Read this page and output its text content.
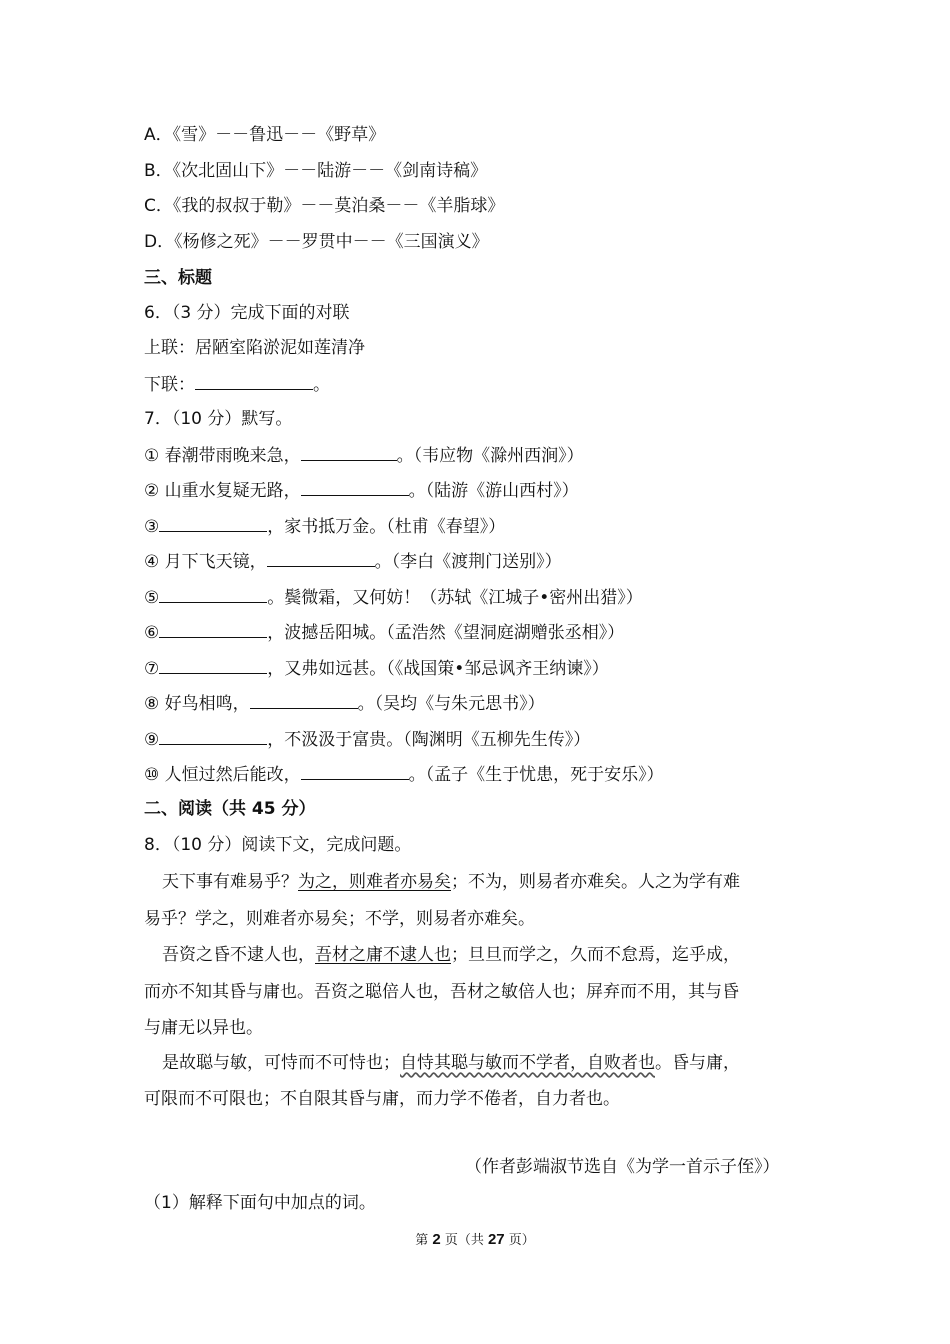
A．《雪》－－鲁迅－－《野草》
B．《次北固山下》－－陆游－－《剑南诗稿》
C．《我的叔叔于勒》－－莫泊桑－－《羊脂球》
D．《杨修之死》－－罗贯中－－《三国演义》
三、标题
6．（3 分）完成下面的对联
上联：居陋室陷淤泥如莲清净
下联：	。
7．（10 分）默写。
① 春潮带雨晚来急，	。（韦应物《滁州西涧》）
② 山重水复疑无路，	。（陆游《游山西村》）
③	，家书抵万金。（杜甫《春望》）
④ 月下飞天镜，	。（李白《渡荆门送别》）
⑤	。鬓微霜，又何妨！（苏轼《江城子•密州出猎》）
⑥	，波撼岳阳城。（孟浩然《望洞庭湖赠张丞相》）
⑦	，又弗如远甚。（《战国策•邹忌讽齐王纳谏》）
⑧ 好鸟相鸣，	。（吴均《与朱元思书》）
⑨	，不汲汲于富贵。（陶渊明《五柳先生传》）
⑩ 人恒过然后能改，	。（孟子《生于忧患，死于安乐》）
二、阅读（共 45 分）
8．（10 分）阅读下文，完成问题。
天下事有难易乎？为之，则难者亦易矣；不为，则易者亦难矣。人之为学有难
易乎？学之，则难者亦易矣；不学，则易者亦难矣。
吾资之昏不逮人也，吾材之庸不逮人也；旦旦而学之，久而不怠焉，迄乎成，
而亦不知其昏与庸也。吾资之聪倍人也，吾材之敏倍人也；屏弃而不用，其与昏
与庸无以异也。
是故聪与敏，可恃而不可恃也；自恃其聪与敏而不学者，自败者也。昏与庸，
可限而不可限也；不自限其昏与庸，而力学不倦者，自力者也。
（作者彭端淑节选自《为学一首示子侄》）
（1）解释下面句中加点的词。
第 2 页（共 27 页）
